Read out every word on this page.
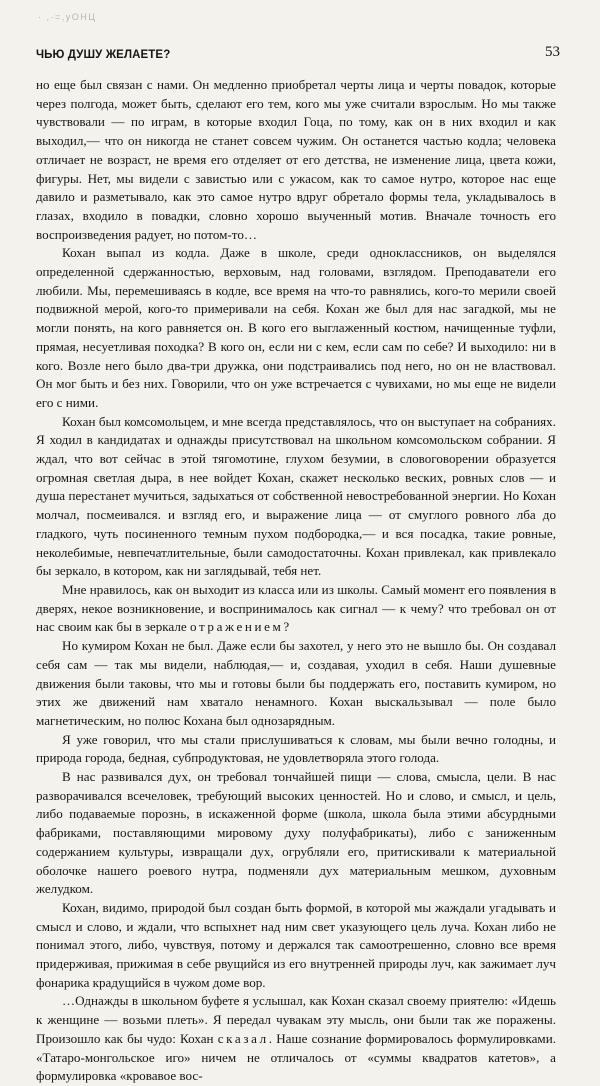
· ,·=,уОНЦ
ЧЬЮ ДУШУ ЖЕЛАЕТЕ?	53

но еще был связан с нами. Он медленно приобретал черты лица и черты повадок, которые через полгода, может быть, сделают его тем, кого мы уже считали взрослым. Но мы также чувствовали — по играм, в которые входил Гоца, по тому, как он в них входил и как выходил,— что он никогда не станет совсем чужим. Он останется частью кодла; человека отличает не возраст, не время его отделяет от его детства, не изменение лица, цвета кожи, фигуры. Нет, мы видели с завистью или с ужасом, как то самое нутро, которое нас еще давило и разметывало, как это самое нутро вдруг обретало формы тела, укладывалось в глазах, входило в повадки, словно хорошо выученный мотив. Вначале точность его воспроизведения радует, но потом-то…

Кохан выпал из кодла. Даже в школе, среди одноклассников, он выделялся определенной сдержанностью, верховым, над головами, взглядом. Преподаватели его любили. Мы, перемешиваясь в кодле, все время на что-то равнялись, кого-то мерили своей подвижной мерой, кого-то примеривали на себя. Кохан же был для нас загадкой, мы не могли понять, на кого равняется он. В кого его выглаженный костюм, начищенные туфли, прямая, несуетливая походка? В кого он, если ни с кем, если сам по себе? И выходило: ни в кого. Возле него было два-три дружка, они подстраивались под него, но он не властвовал. Он мог быть и без них. Говорили, что он уже встречается с чувихами, но мы еще не видели его с ними.

Кохан был комсомольцем, и мне всегда представлялось, что он выступает на собраниях. Я ходил в кандидатах и однажды присутствовал на школьном комсомольском собрании. Я ждал, что вот сейчас в этой тягомотине, глухом безумии, в словоговорении образуется огромная светлая дыра, в нее войдет Кохан, скажет несколько веских, ровных слов — и душа перестанет мучиться, задыхаться от собственной невостребованной энергии. Но Кохан молчал, посмеивался. и взгляд его, и выражение лица — от смуглого ровного лба до гладкого, чуть посиненного темным пухом подбородка,— и вся посадка, такие ровные, неколебимые, невпечатлительные, были самодостаточны. Кохан привлекал, как привлекало бы зеркало, в котором, как ни заглядывай, тебя нет.

Мне нравилось, как он выходит из класса или из школы. Самый момент его появления в дверях, некое возникновение, и воспринималось как сигнал — к чему? что требовал он от нас своим как бы в зеркале отражением?

Но кумиром Кохан не был. Даже если бы захотел, у него это не вышло бы. Он создавал себя сам — так мы видели, наблюдая,— и, создавая, уходил в себя. Наши душевные движения были таковы, что мы и готовы были бы поддержать его, поставить кумиром, но этих же движений нам хватало ненамного. Кохан выскальзывал — поле было магнетическим, но полюс Кохана был однозарядным.

Я уже говорил, что мы стали прислушиваться к словам, мы были вечно голодны, и природа города, бедная, субпродуктовая, не удовлетворяла этого голода.

В нас развивался дух, он требовал тончайшей пищи — слова, смысла, цели. В нас разворачивался всечеловек, требующий высоких ценностей. Но и слово, и смысл, и цель, либо подаваемые порознь, в искаженной форме (школа, школа была этими абсурдными фабриками, поставляющими мировому духу полуфабрикаты), либо с заниженным содержанием культуры, извращали дух, огрубляли его, притискивали к материальной оболочке нашего роевого нутра, подменяли дух материальным мешком, духовным желудком.

Кохан, видимо, природой был создан быть формой, в которой мы жаждали угадывать и смысл и слово, и ждали, что вспыхнет над ним свет указующего цель луча. Кохан либо не понимал этого, либо, чувствуя, потому и держался так самоотрешенно, словно все время придерживая, прижимая в себе рвущийся из его внутренней природы луч, как зажимает луч фонарика крадущийся в чужом доме вор.

…Однажды в школьном буфете я услышал, как Кохан сказал своему приятелю: «Идешь к женщине — возьми плеть». Я передал чувакам эту мысль, они были так же поражены. Произошло как бы чудо: Кохан сказал. Наше сознание формировалось формулировками. «Татаро-монгольское иго» ничем не отличалось от «суммы квадратов катетов», а формулировка «кровавое вос-
